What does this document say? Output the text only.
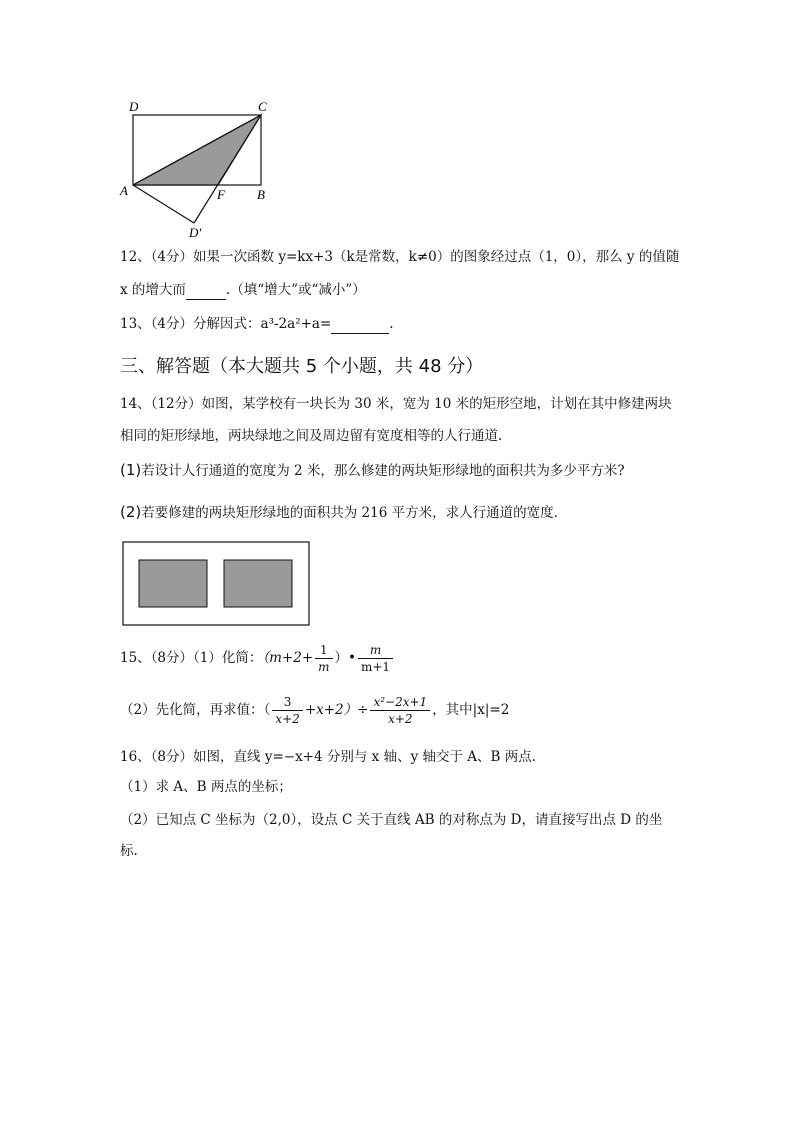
D	C
A	F B
D'
12、（4分）如果一次函数 y=kx+3（k是常数，k≠0）的图象经过点（1，0），那么 y 的值随
x 的增大而	.（填“增大”或“减小”）
13、（4分）分解因式：a³-2a²+a=	.
三、解答题（本大题共 5 个小题，共 48 分）
14、（12分）如图，某学校有一块长为 30 米，宽为 10 米的矩形空地，计划在其中修建两块
相同的矩形绿地，两块绿地之间及周边留有宽度相等的人行通道.
(1)若设计人行通道的宽度为 2 米，那么修建的两块矩形绿地的面积共为多少平方米?
(2)若要修建的两块矩形绿地的面积共为 216 平方米，求人行通道的宽度.
15、（8分）（1）化简：（$m+2+ \frac{1}{m}$ ）• $\frac{m}{m+1}$
（2）先化简，再求值：（ $\frac{3}{x+2} +x+2)\div \frac{\text{x²−2x+1}}{x+2}$ ，其中|x|=2
16、（8分）如图，直线 y=−x+4 分别与 x 轴、y 轴交于 A、B 两点.
（1）求 A、B 两点的坐标；
（2）已知点 C 坐标为（2,0），设点 C 关于直线 AB 的对称点为 D，请直接写出点 D 的坐
标.
